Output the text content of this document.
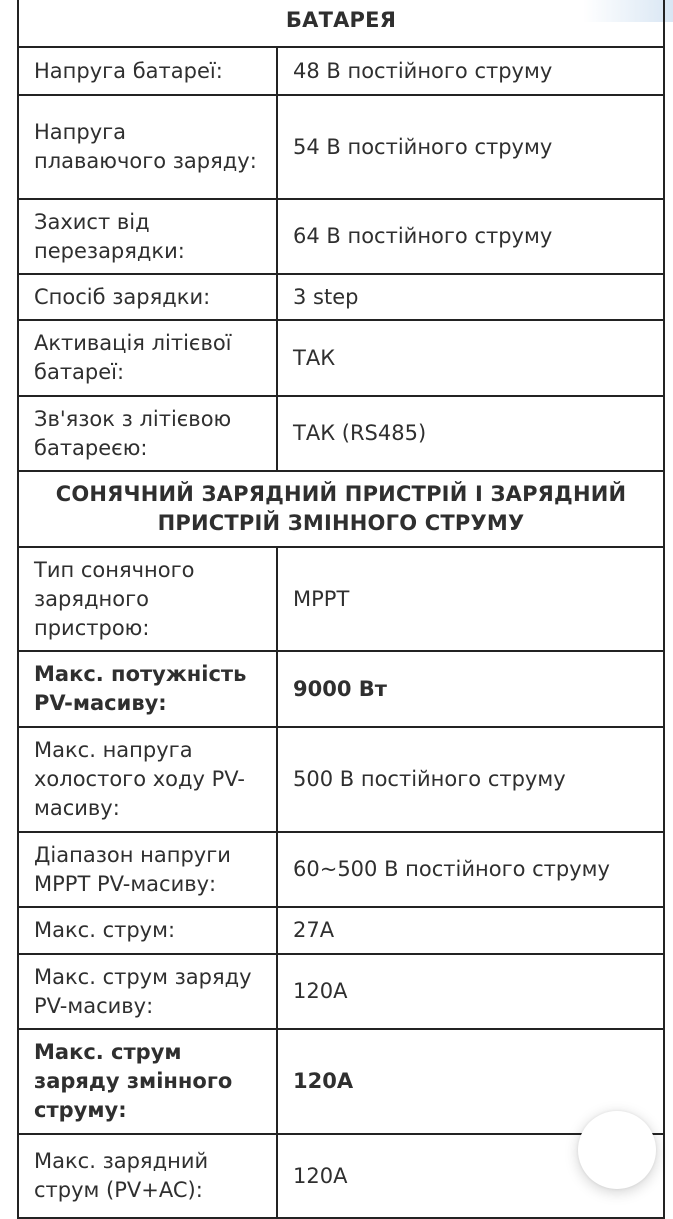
БАТАРЕЯ	
Напруга батареї:	48 В постійного струму
Напруга плаваючого заряду:	54 В постійного струму
Захист від перезарядки:	64 В постійного струму
Спосіб зарядки:	3 step
Активація літієвої батареї:	ТАК
Зв'язок з літієвою батареєю:	ТАК (RS485)
СОНЯЧНИЙ ЗАРЯДНИЙ ПРИСТРІЙ І ЗАРЯДНИЙ ПРИСТРІЙ ЗМІННОГО СТРУМУ	
Тип сонячного зарядного пристрою:	MPPT
Макс. потужність PV-масиву:	9000 Вт
Макс. напруга холостого ходу PV-масиву:	500 В постійного струму
Діапазон напруги MPPT PV-масиву:	60~500 В постійного струму
Макс. струм:	27A
Макс. струм заряду PV-масиву:	120A
Макс. струм заряду змінного струму:	120A
Макс. зарядний струм (PV+AC):	120A
